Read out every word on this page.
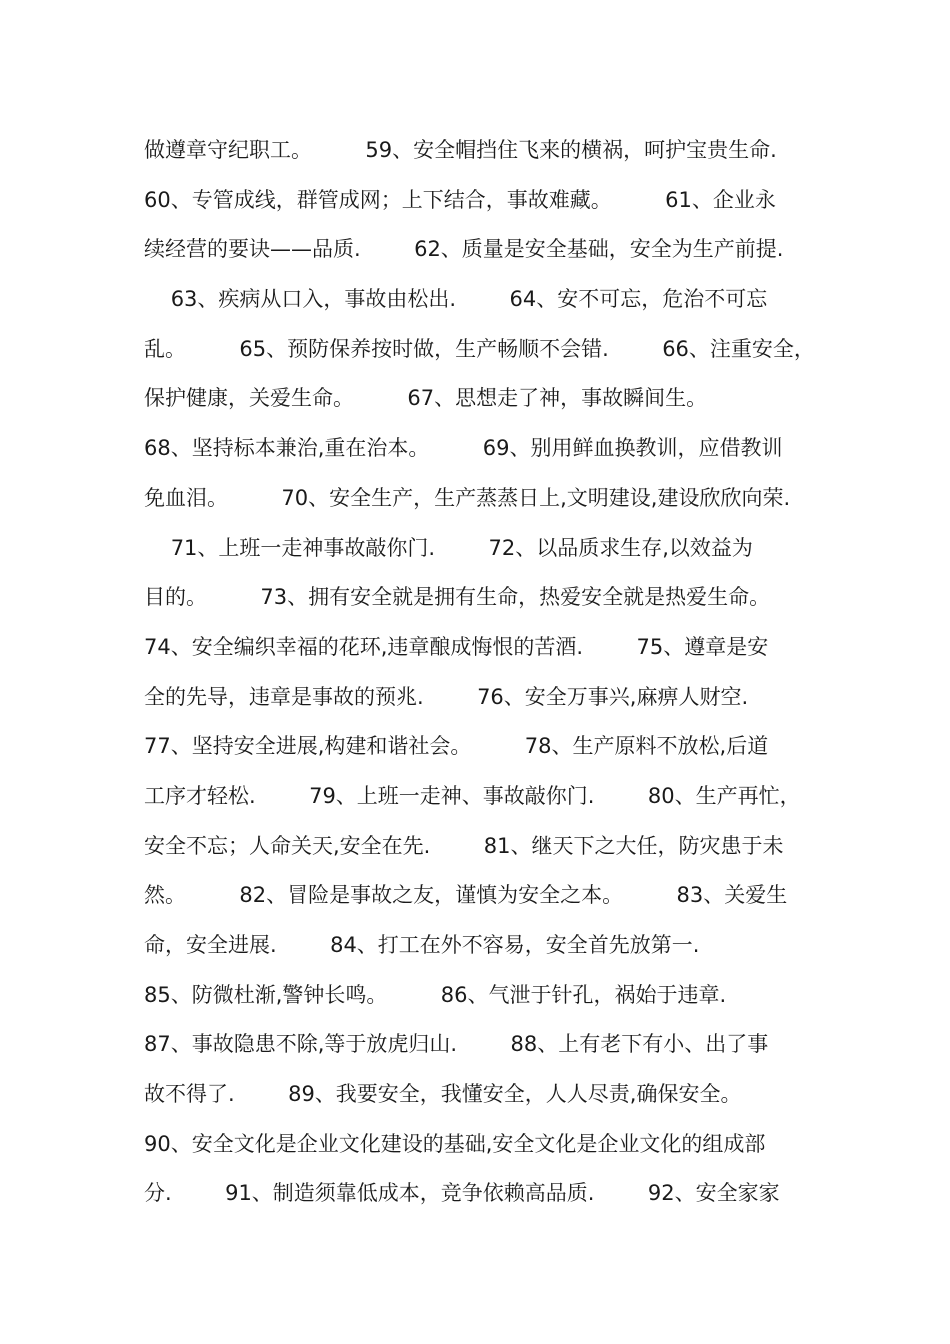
做遵章守纪职工。        59、安全帽挡住飞来的横祸，呵护宝贵生命.
60、专管成线，群管成网；上下结合，事故难藏。        61、企业永
续经营的要诀——品质.        62、质量是安全基础，安全为生产前提.
63、疾病从口入，事故由松出.        64、安不可忘，危治不可忘
乱。        65、预防保养按时做，生产畅顺不会错.        66、注重安全，
保护健康，关爱生命。        67、思想走了神，事故瞬间生。
68、坚持标本兼治,重在治本。        69、别用鲜血换教训，应借教训
免血泪。        70、安全生产，生产蒸蒸日上,文明建设,建设欣欣向荣.
71、上班一走神事故敲你门.        72、以品质求生存,以效益为
目的。        73、拥有安全就是拥有生命，热爱安全就是热爱生命。
74、安全编织幸福的花环,违章酿成悔恨的苦酒.        75、遵章是安
全的先导，违章是事故的预兆.        76、安全万事兴,麻痹人财空.
77、坚持安全进展,构建和谐社会。        78、生产原料不放松,后道
工序才轻松.        79、上班一走神、事故敲你门.        80、生产再忙，
安全不忘；人命关天,安全在先.        81、继天下之大任，防灾患于未
然。        82、冒险是事故之友，谨慎为安全之本。        83、关爱生
命，安全进展.        84、打工在外不容易，安全首先放第一.
85、防微杜渐,警钟长鸣。        86、气泄于针孔，祸始于违章.
87、事故隐患不除,等于放虎归山.        88、上有老下有小、出了事
故不得了.        89、我要安全，我懂安全，人人尽责,确保安全。
90、安全文化是企业文化建设的基础,安全文化是企业文化的组成部
分.        91、制造须靠低成本，竞争依赖高品质.        92、安全家家
